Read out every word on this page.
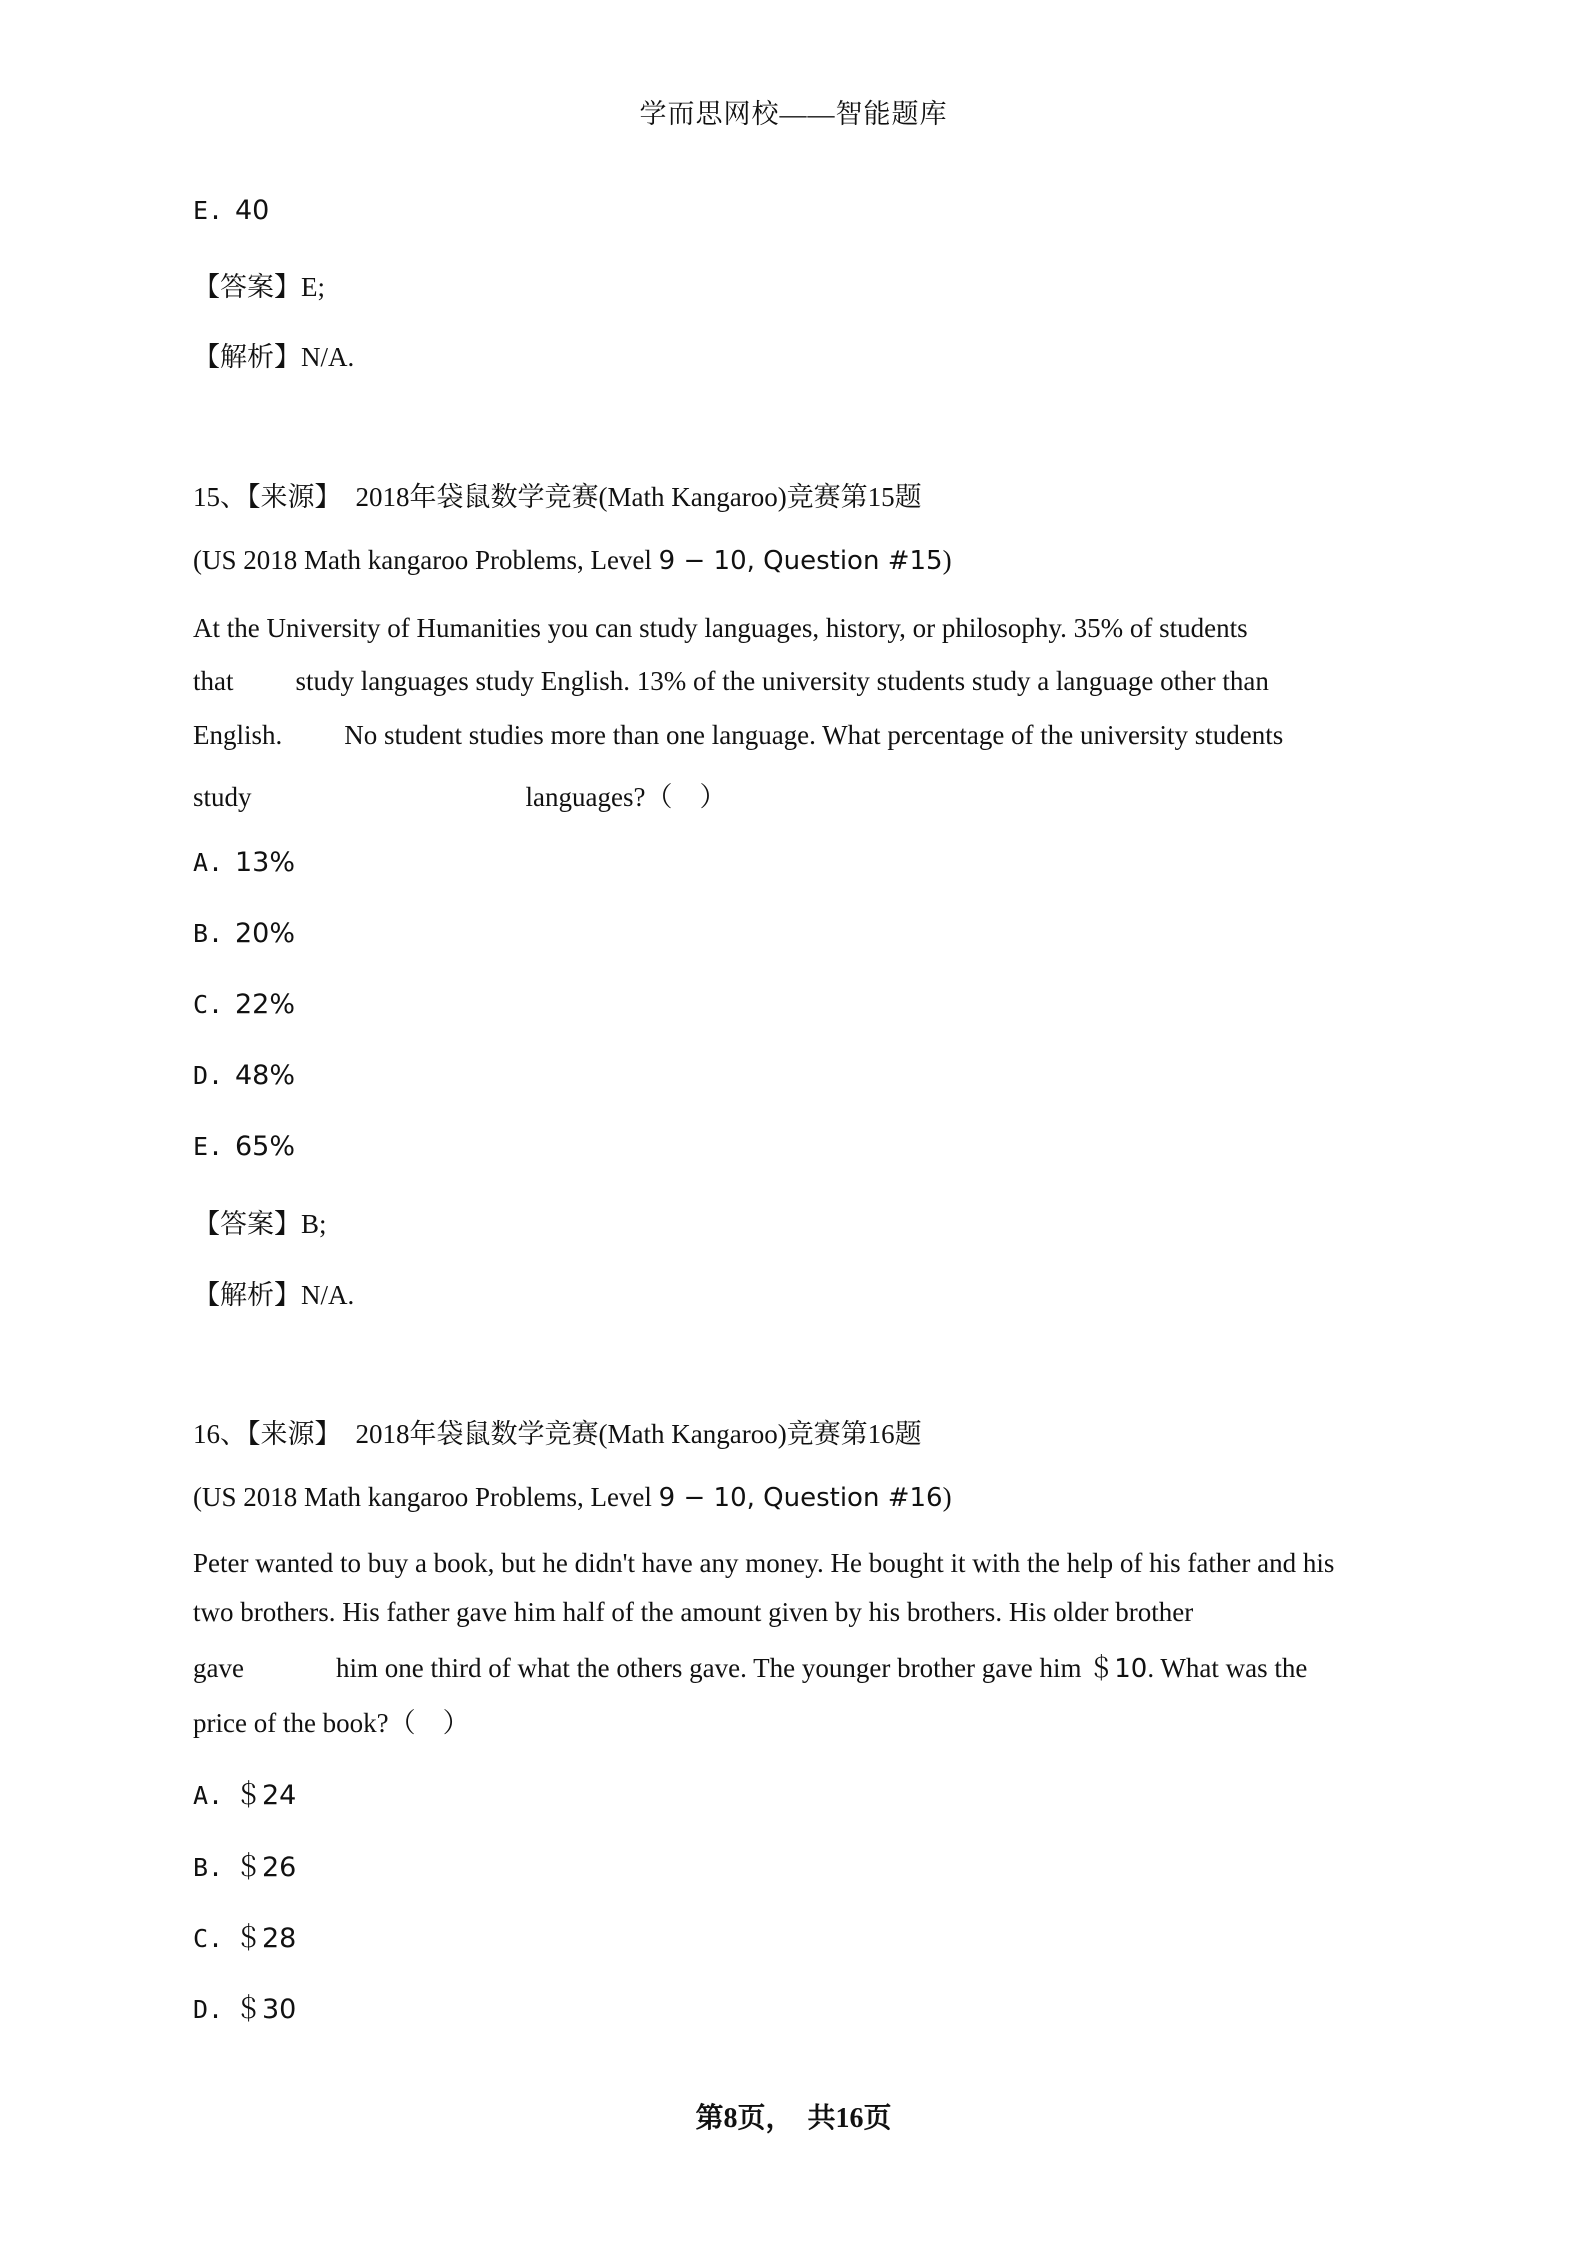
学而思网校——智能题库
E. 40
【答案】E;
【解析】N/A.
15、【来源】 2018年袋鼠数学竞赛(Math Kangaroo)竞赛第15题
(US 2018 Math kangaroo Problems, Level 9 − 10, Question #15)
At the University of Humanities you can study languages, history, or philosophy. 35% of students
that study languages study English. 13% of the university students study a language other than
English. No student studies more than one language. What percentage of the university students
study	languages?（　）
A. 13%
B. 20%
C. 22%
D. 48%
E. 65%
【答案】B;
【解析】N/A.
16、【来源】 2018年袋鼠数学竞赛(Math Kangaroo)竞赛第16题
(US 2018 Math kangaroo Problems, Level 9 − 10, Question #16)
Peter wanted to buy a book, but he didn't have any money. He bought it with the help of his father and his
two brothers. His father gave him half of the amount given by his brothers. His older brother
gave	him one third of what the others gave. The younger brother gave him ＄10. What was the
price of the book?（　）
A. ＄24
B. ＄26
C. ＄28
D. ＄30
第8页，　共16页
